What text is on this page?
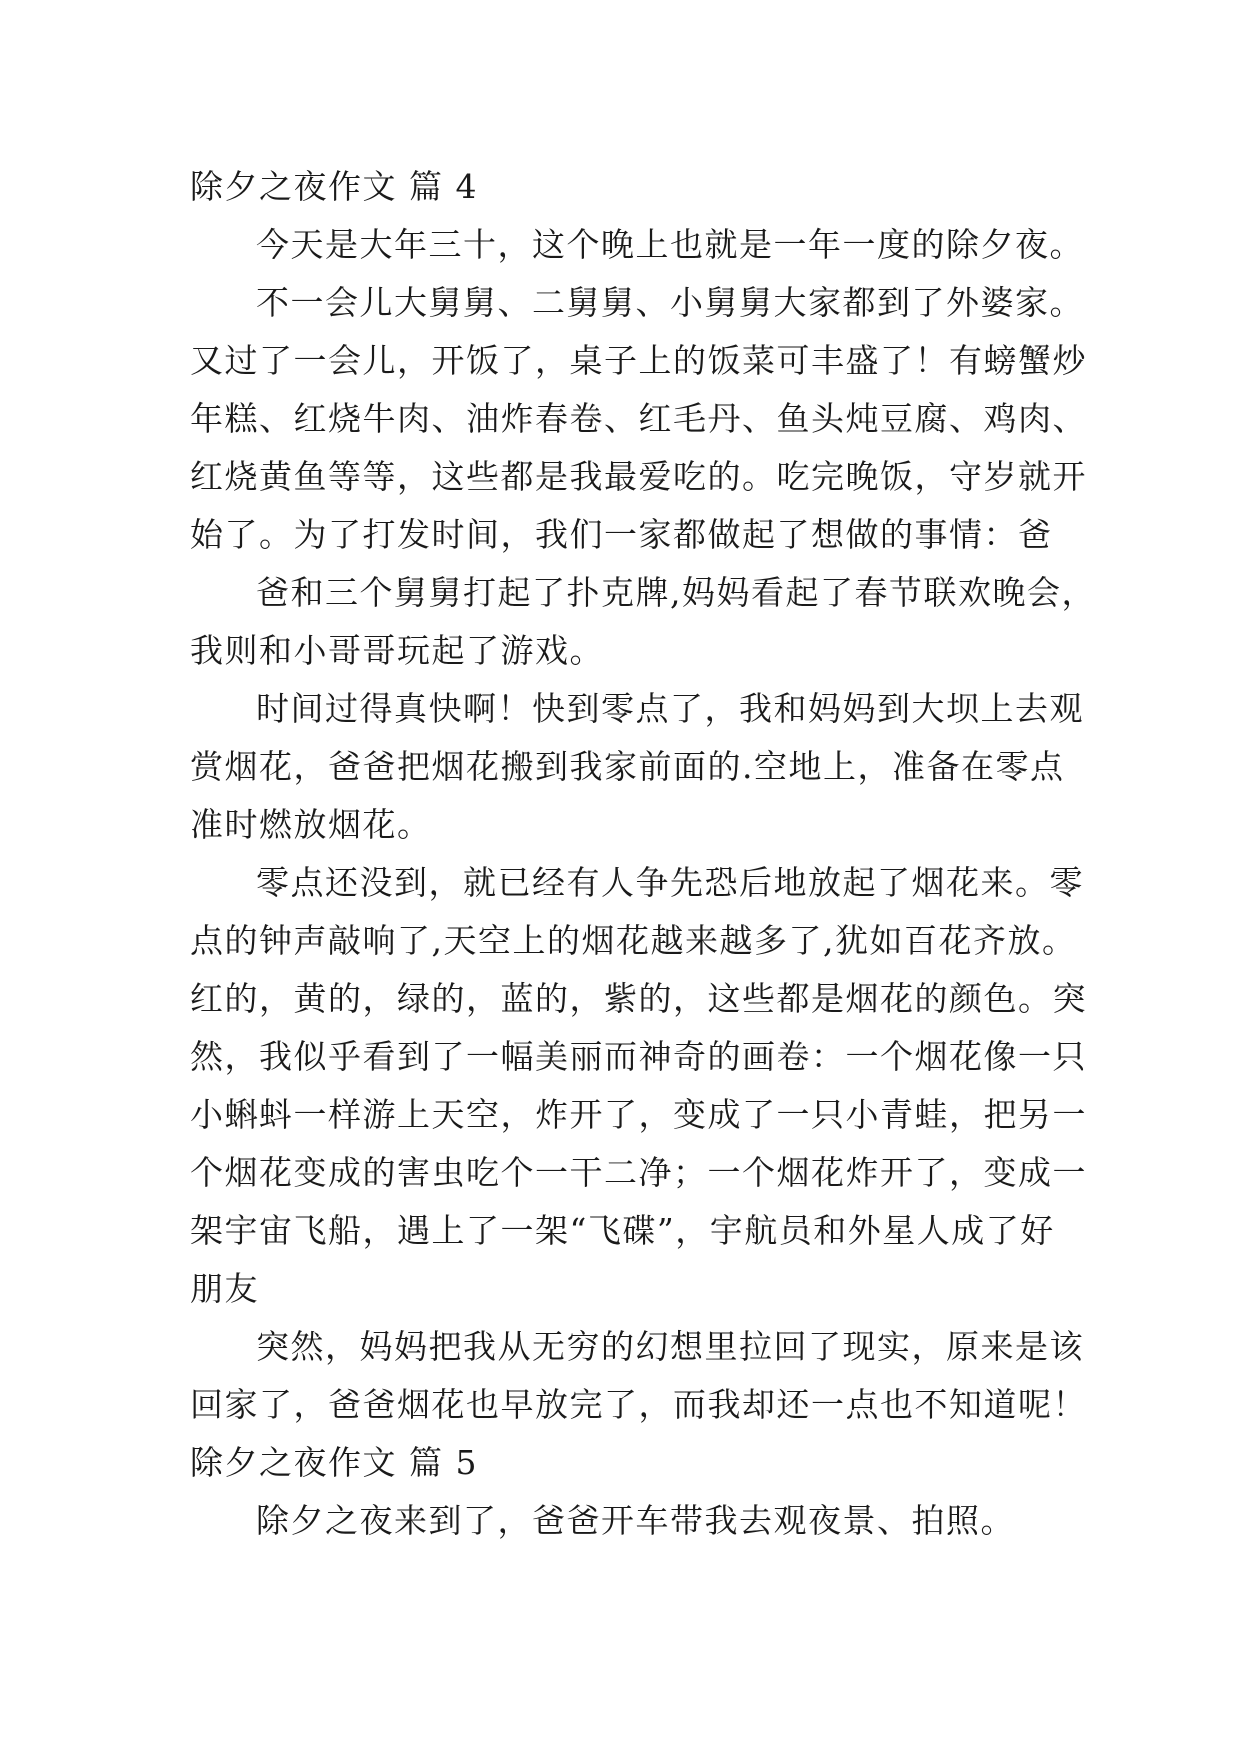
除夕之夜作文 篇 4
今天是大年三十，这个晚上也就是一年一度的除夕夜。
不一会儿大舅舅、二舅舅、小舅舅大家都到了外婆家。
又过了一会儿，开饭了，桌子上的饭菜可丰盛了！有螃蟹炒
年糕、红烧牛肉、油炸春卷、红毛丹、鱼头炖豆腐、鸡肉、
红烧黄鱼等等，这些都是我最爱吃的。吃完晚饭，守岁就开
始了。为了打发时间，我们一家都做起了想做的事情：爸
爸和三个舅舅打起了扑克牌,妈妈看起了春节联欢晚会，
我则和小哥哥玩起了游戏。
时间过得真快啊！快到零点了，我和妈妈到大坝上去观
赏烟花，爸爸把烟花搬到我家前面的.空地上，准备在零点
准时燃放烟花。
零点还没到，就已经有人争先恐后地放起了烟花来。零
点的钟声敲响了,天空上的烟花越来越多了,犹如百花齐放。
红的，黄的，绿的，蓝的，紫的，这些都是烟花的颜色。突
然，我似乎看到了一幅美丽而神奇的画卷：一个烟花像一只
小蝌蚪一样游上天空，炸开了，变成了一只小青蛙，把另一
个烟花变成的害虫吃个一干二净；一个烟花炸开了，变成一
架宇宙飞船，遇上了一架“飞碟”，宇航员和外星人成了好
朋友
突然，妈妈把我从无穷的幻想里拉回了现实，原来是该
回家了，爸爸烟花也早放完了，而我却还一点也不知道呢！
除夕之夜作文 篇 5
除夕之夜来到了，爸爸开车带我去观夜景、拍照。
